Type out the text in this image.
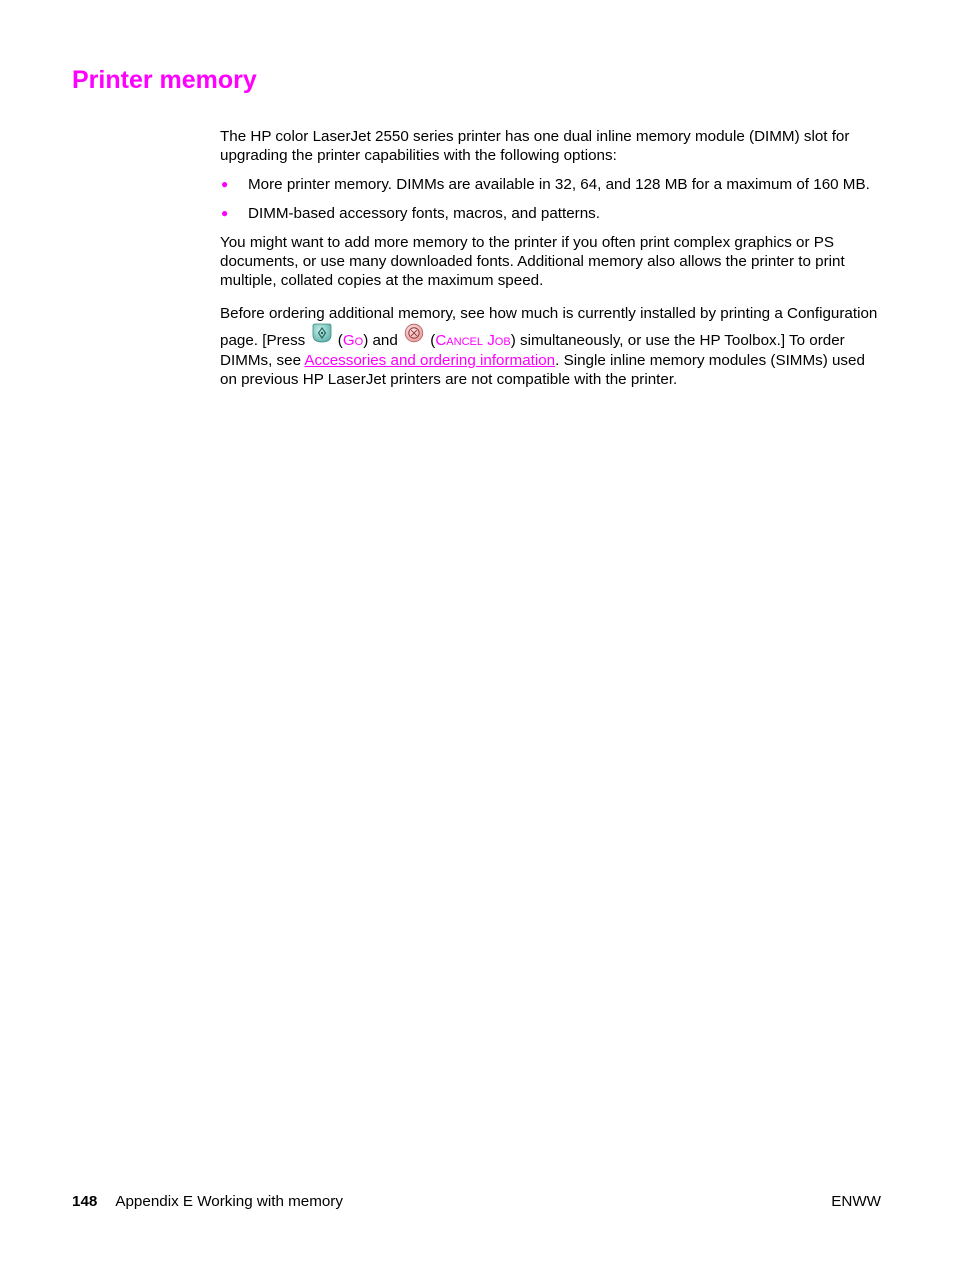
Printer memory

The HP color LaserJet 2550 series printer has one dual inline memory module (DIMM) slot for upgrading the printer capabilities with the following options:

● More printer memory. DIMMs are available in 32, 64, and 128 MB for a maximum of 160 MB.
● DIMM-based accessory fonts, macros, and patterns.

You might want to add more memory to the printer if you often print complex graphics or PS documents, or use many downloaded fonts. Additional memory also allows the printer to print multiple, collated copies at the maximum speed.

Before ordering additional memory, see how much is currently installed by printing a Configuration page. [Press (Go) and (Cancel Job) simultaneously, or use the HP Toolbox.] To order DIMMs, see Accessories and ordering information. Single inline memory modules (SIMMs) used on previous HP LaserJet printers are not compatible with the printer.

148 Appendix E Working with memory	ENWW
